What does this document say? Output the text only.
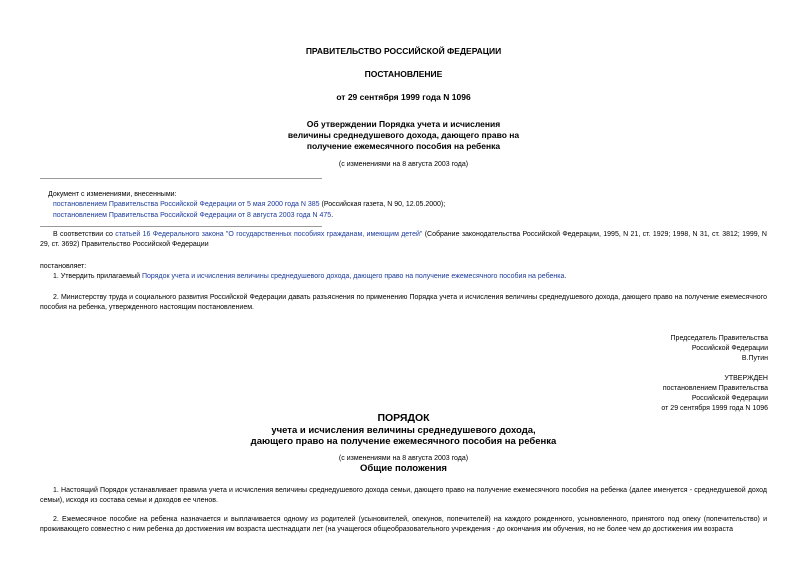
ПРАВИТЕЛЬСТВО РОССИЙСКОЙ ФЕДЕРАЦИИ
ПОСТАНОВЛЕНИЕ
от 29 сентября 1999 года N 1096
Об утверждении Порядка учета и исчисления
величины среднедушевого дохода, дающего право на
получение ежемесячного пособия на ребенка
(с изменениями на 8 августа 2003 года)
Документ с изменениями, внесенными:
постановлением Правительства Российской Федерации от 5 мая 2000 года N 385 (Российская газета, N 90, 12.05.2000);
постановлением Правительства Российской Федерации от 8 августа 2003 года N 475.
В соответствии со статьей 16 Федерального закона "О государственных пособиях гражданам, имеющим детей" (Собрание законодательства Российской Федерации, 1995, N 21, ст. 1929; 1998, N 31, ст. 3812; 1999, N 29, ст. 3692) Правительство Российской Федерации
постановляет:
1. Утвердить прилагаемый Порядок учета и исчисления величины среднедушевого дохода, дающего право на получение ежемесячного пособия на ребенка.
2. Министерству труда и социального развития Российской Федерации давать разъяснения по применению Порядка учета и исчисления величины среднедушевого дохода, дающего право на получение ежемесячного пособия на ребенка, утвержденного настоящим постановлением.
Председатель Правительства
Российской Федерации
В.Путин
УТВЕРЖДЕН
постановлением Правительства
Российской Федерации
от 29 сентября 1999 года N 1096
ПОРЯДОК
учета и исчисления величины среднедушевого дохода,
дающего право на получение ежемесячного пособия на ребенка
(с изменениями на 8 августа 2003 года)
Общие положения
1. Настоящий Порядок устанавливает правила учета и исчисления величины среднедушевого дохода семьи, дающего право на получение ежемесячного пособия на ребенка (далее именуется - среднедушевой доход семьи), исходя из состава семьи и доходов ее членов.
2. Ежемесячное пособие на ребенка назначается и выплачивается одному из родителей (усыновителей, опекунов, попечителей) на каждого рожденного, усыновленного, принятого под опеку (попечительство) и проживающего совместно с ним ребенка до достижения им возраста шестнадцати лет (на учащегося общеобразовательного учреждения - до окончания им обучения, но не более чем до достижения им возраста
